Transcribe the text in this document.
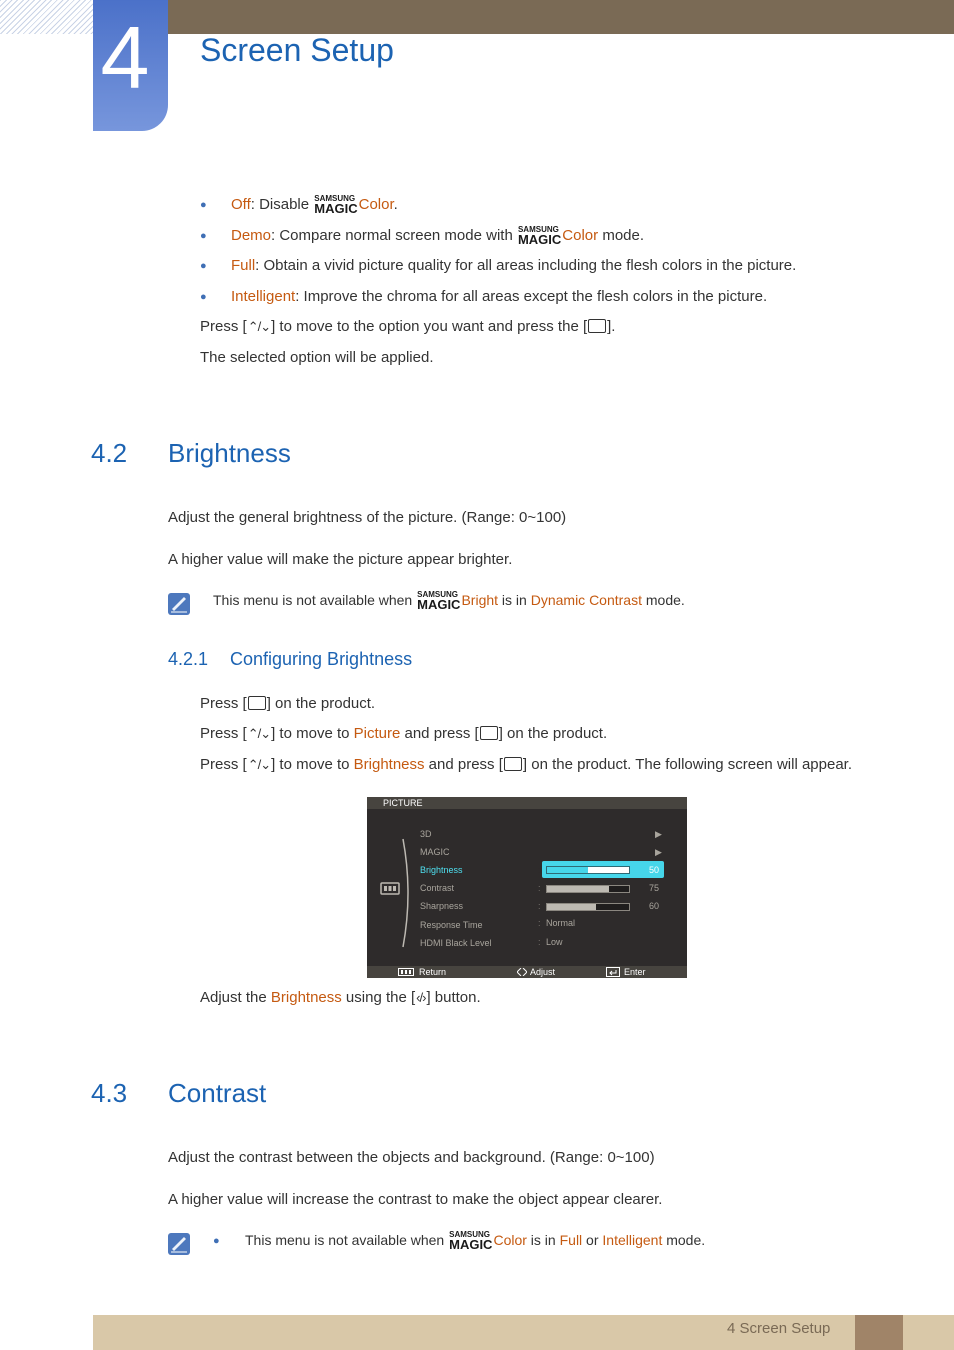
4 Screen Setup
● Off: Disable SAMSUNG
MAGIC Color.
● Demo: Compare normal screen mode with SAMSUNG
MAGIC Color mode.
● Full: Obtain a vivid picture quality for all areas including the flesh colors in the picture.
● Intelligent: Improve the chroma for all areas except the flesh colors in the picture.
Press [⌃/⌄] to move to the option you want and press the [ ].
The selected option will be applied.
4.2 Brightness
Adjust the general brightness of the picture. (Range: 0~100)
A higher value will make the picture appear brighter.
This menu is not available when SAMSUNG
MAGIC Bright is in Dynamic Contrast mode.
4.2.1 Configuring Brightness
Press [ ] on the product.
Press [⌃/⌄] to move to Picture and press [ ] on the product.
Press [⌃/⌄] to move to Brightness and press [ ] on the product. The following screen will appear.
PICTURE
3D	▶
MAGIC	▶
Brightness	:	50
Contrast	:	75
Sharpness	:	60
Response Time	: Normal
HDMI Black Level	: Low
Return	Adjust	Enter
Adjust the Brightness using the [‹/›] button.
4.3 Contrast
Adjust the contrast between the objects and background. (Range: 0~100)
A higher value will increase the contrast to make the object appear clearer.
● This menu is not available when SAMSUNG
MAGIC Color is in Full or Intelligent mode.
4 Screen Setup
